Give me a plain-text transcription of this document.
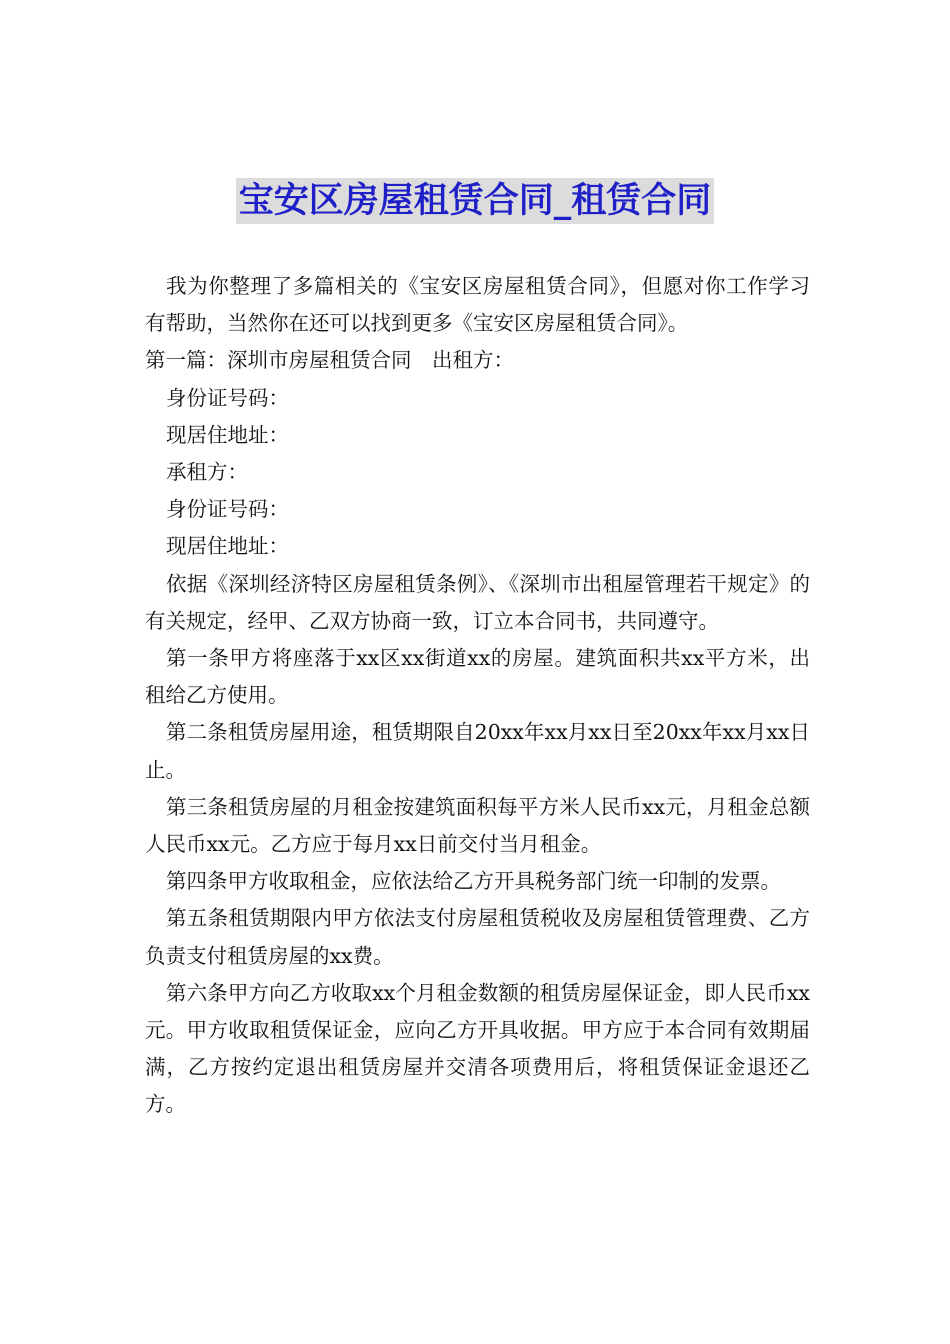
宝安区房屋租赁合同_租赁合同

我为你整理了多篇相关的《宝安区房屋租赁合同》，但愿对你工作学习有帮助，当然你在还可以找到更多《宝安区房屋租赁合同》。

第一篇：深圳市房屋租赁合同　出租方：

身份证号码：

现居住地址：

承租方：

身份证号码：

现居住地址：

依据《深圳经济特区房屋租赁条例》、《深圳市出租屋管理若干规定》的有关规定，经甲、乙双方协商一致，订立本合同书，共同遵守。

第一条甲方将座落于xx区xx街道xx的房屋。建筑面积共xx平方米，出租给乙方使用。

第二条租赁房屋用途，租赁期限自20xx年xx月xx日至20xx年xx月xx日止。

第三条租赁房屋的月租金按建筑面积每平方米人民币xx元，月租金总额人民币xx元。乙方应于每月xx日前交付当月租金。

第四条甲方收取租金，应依法给乙方开具税务部门统一印制的发票。

第五条租赁期限内甲方依法支付房屋租赁税收及房屋租赁管理费、乙方负责支付租赁房屋的xx费。

第六条甲方向乙方收取xx个月租金数额的租赁房屋保证金，即人民币xx元。甲方收取租赁保证金，应向乙方开具收据。甲方应于本合同有效期届满，乙方按约定退出租赁房屋并交清各项费用后，将租赁保证金退还乙方。
